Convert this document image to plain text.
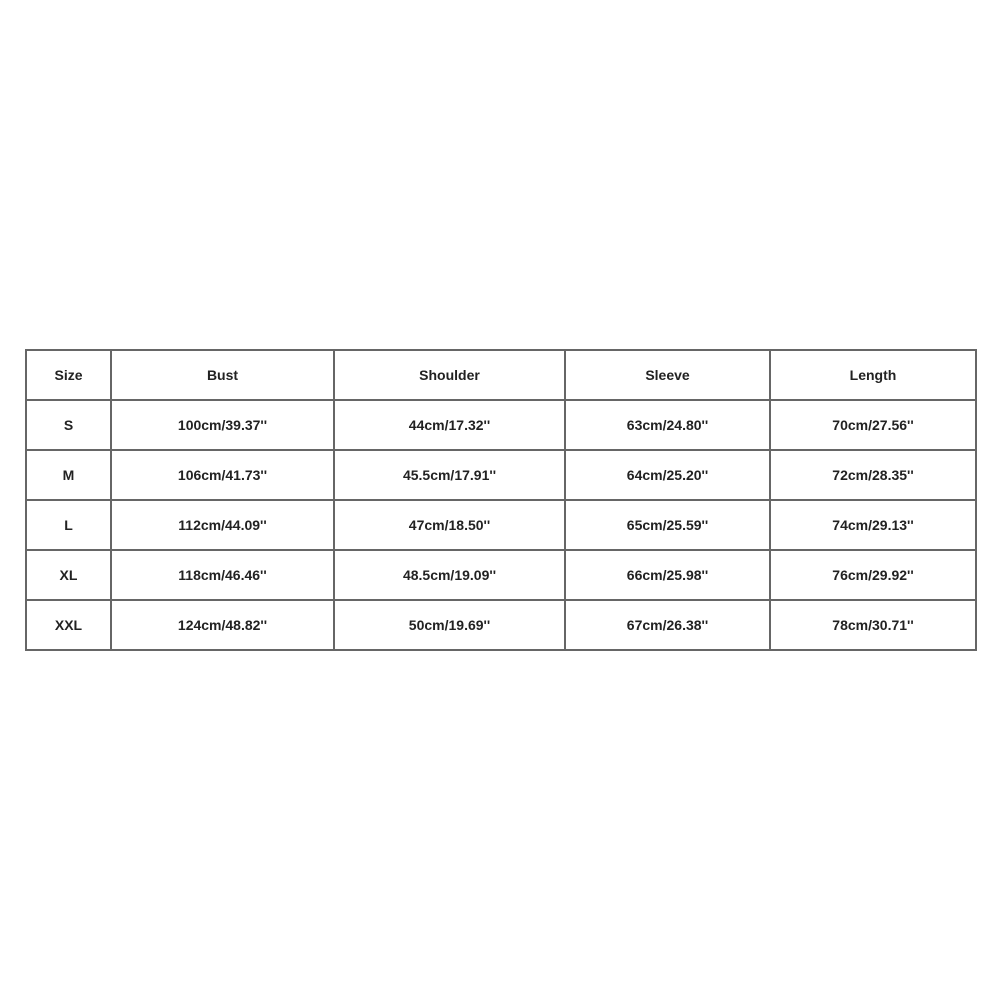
Size	Bust	Shoulder	Sleeve	Length
S	100cm/39.37''	44cm/17.32''	63cm/24.80''	70cm/27.56''
M	106cm/41.73''	45.5cm/17.91''	64cm/25.20''	72cm/28.35''
L	112cm/44.09''	47cm/18.50''	65cm/25.59''	74cm/29.13''
XL	118cm/46.46''	48.5cm/19.09''	66cm/25.98''	76cm/29.92''
XXL	124cm/48.82''	50cm/19.69''	67cm/26.38''	78cm/30.71''
